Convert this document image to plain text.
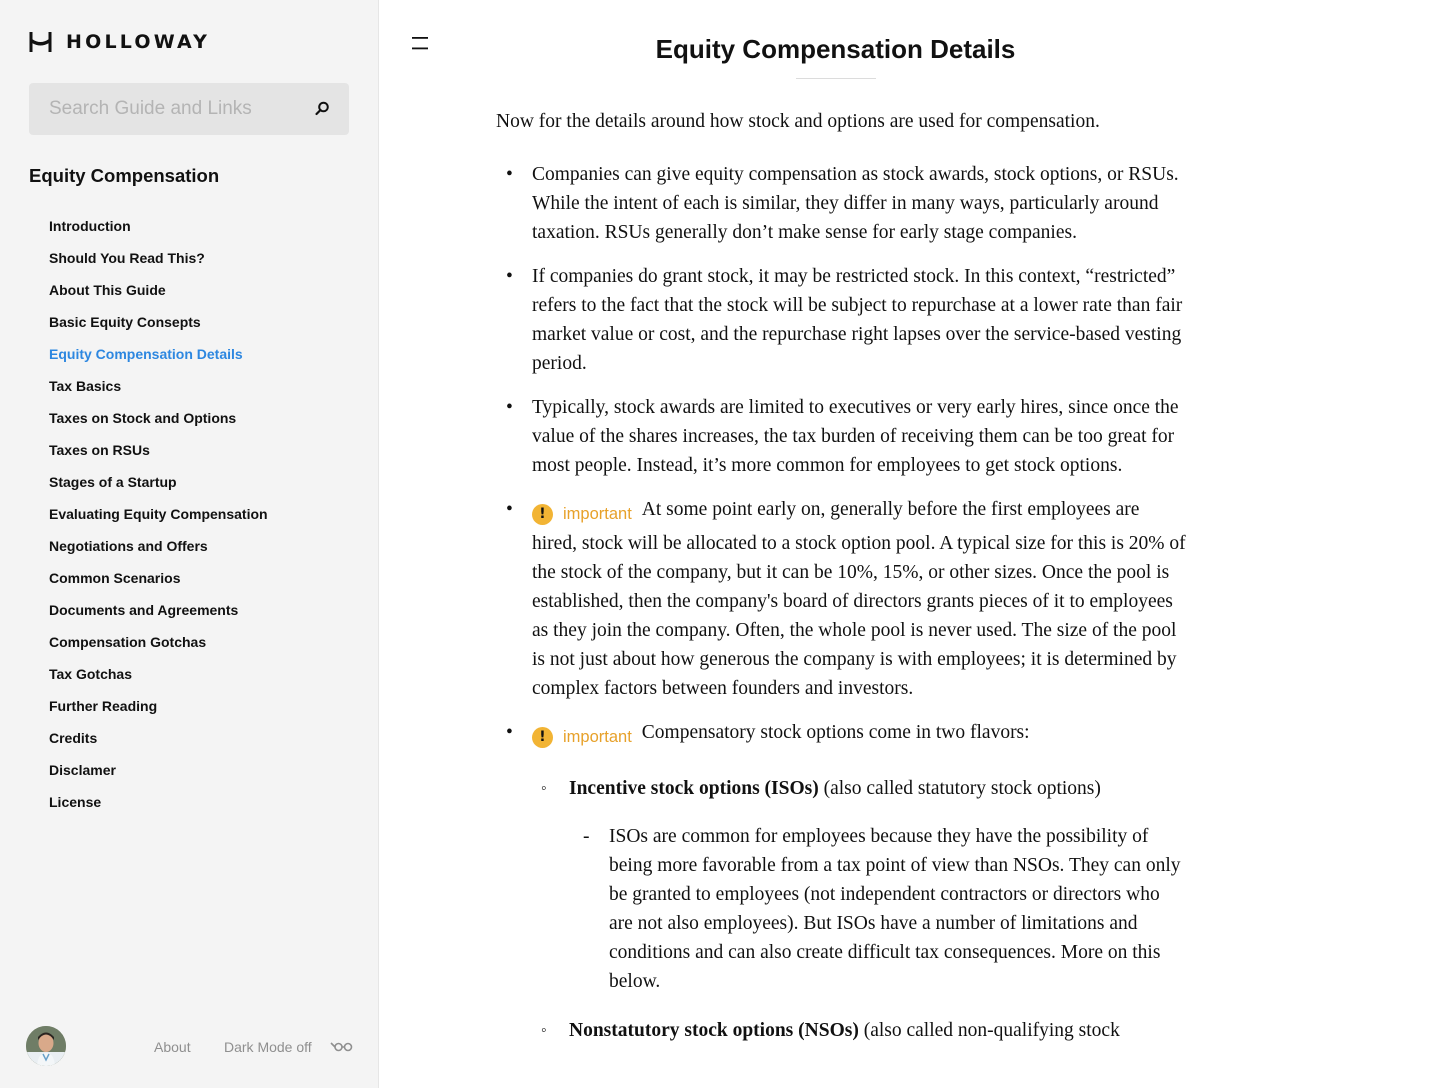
HOLLOWAY
Search Guide and Links
Equity Compensation
Introduction
Should You Read This?
About This Guide
Basic Equity Consepts
Equity Compensation Details
Tax Basics
Taxes on Stock and Options
Taxes on RSUs
Stages of a Startup
Evaluating Equity Compensation
Negotiations and Offers
Common Scenarios
Documents and Agreements
Compensation Gotchas
Tax Gotchas
Further Reading
Credits
Disclamer
License
About Dark Mode off
Equity Compensation Details

Now for the details around how stock and options are used for compensation.

• Companies can give equity compensation as stock awards, stock options, or RSUs. While the intent of each is similar, they differ in many ways, particularly around taxation. RSUs generally don’t make sense for early stage companies.
• If companies do grant stock, it may be restricted stock. In this context, “restricted” refers to the fact that the stock will be subject to repurchase at a lower rate than fair market value or cost, and the repurchase right lapses over the service-based vesting period.
• Typically, stock awards are limited to executives or very early hires, since once the value of the shares increases, the tax burden of receiving them can be too great for most people. Instead, it’s more common for employees to get stock options.
• !	important At some point early on, generally before the first employees are hired, stock will be allocated to a stock option pool. A typical size for this is 20% of the stock of the company, but it can be 10%, 15%, or other sizes. Once the pool is established, then the company's board of directors grants pieces of it to employees as they join the company. Often, the whole pool is never used. The size of the pool is not just about how generous the company is with employees; it is determined by complex factors between founders and investors.
• !	important Compensatory stock options come in two flavors:
◦ Incentive stock options (ISOs) (also called statutory stock options)
- ISOs are common for employees because they have the possibility of being more favorable from a tax point of view than NSOs. They can only be granted to employees (not independent contractors or directors who are not also employees). But ISOs have a number of limitations and conditions and can also create difficult tax consequences. More on this below.
◦ Nonstatutory stock options (NSOs) (also called non-qualifying stock
